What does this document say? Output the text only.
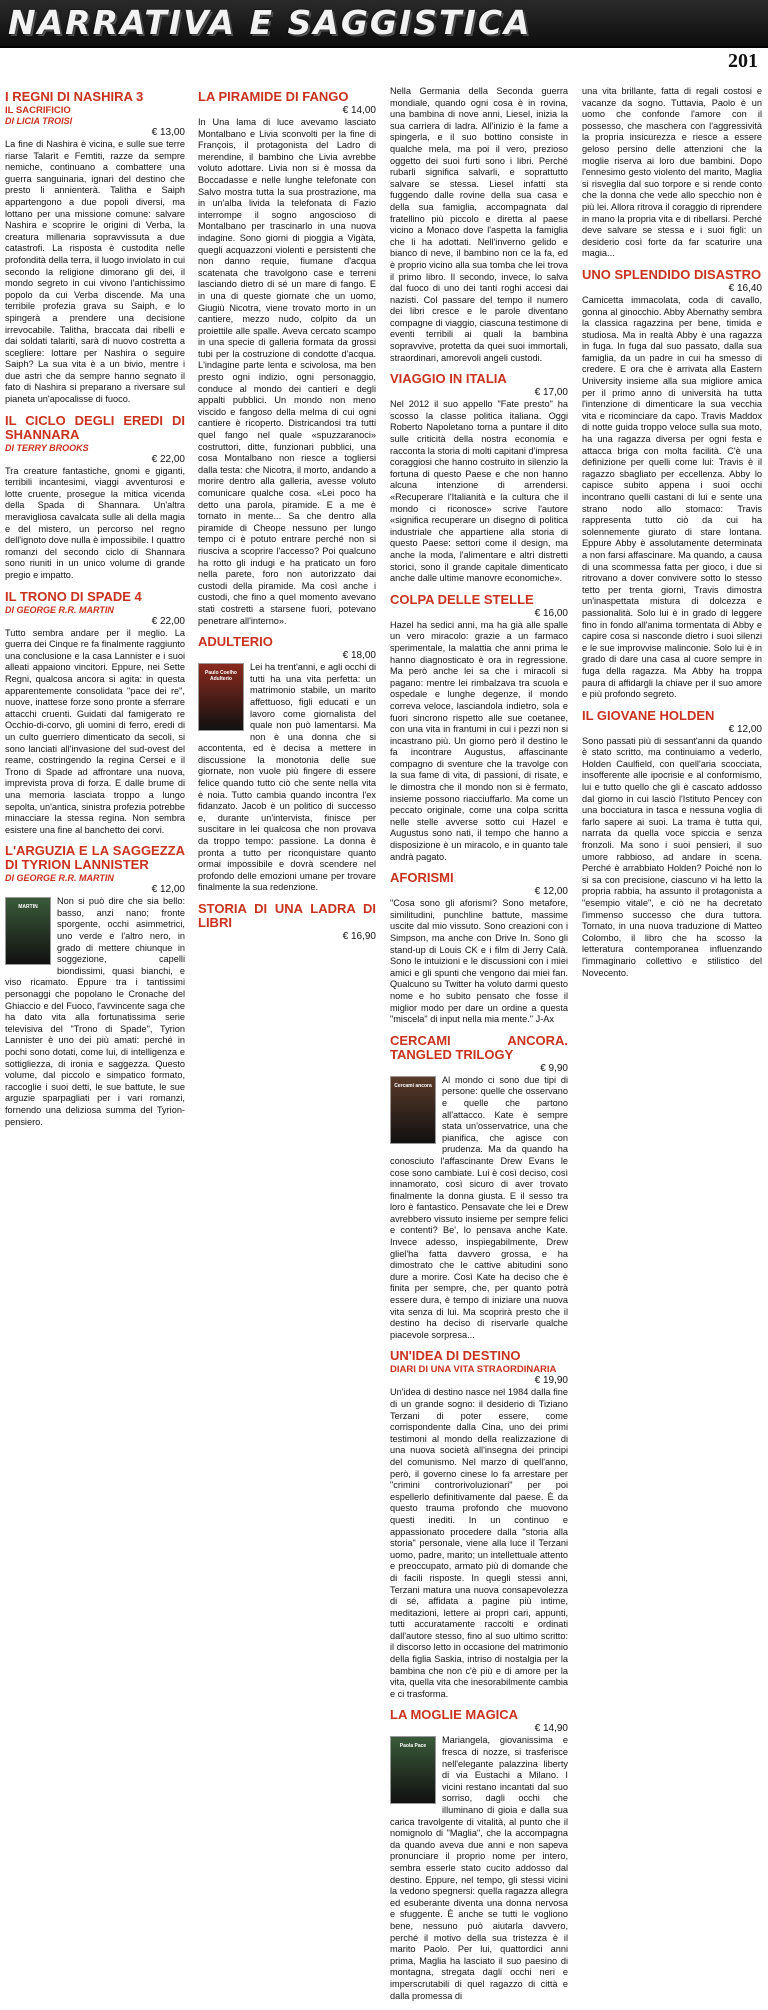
NARRATIVA E SAGGISTICA
201
I REGNI DI NASHIRA 3
IL SACRIFICIO
DI LICIA TROISI
€ 13,00

La fine di Nashira è vicina, e sulle sue terre riarse Talarìt e Femtiti, razze da sempre nemiche, continuano a combattere una guerra sanguinaria, ignari del destino che presto li annienterà. Talitha e Saiph appartengono a due popoli diversi, ma lottano per una missione comune: salvare Nashira e scoprire le origini di Verba, la creatura millenaria sopravvissuta a due catastrofi. La risposta è custodita nelle profondità della terra, il luogo inviolato in cui secondo la religione dimorano gli dei, il mondo segreto in cui vivono l'antichissimo popolo da cui Verba discende. Ma una terribile profezia grava su Saiph, e lo spingerà a prendere una decisione irrevocabile. Talitha, braccata dai ribelli e dai soldati talariti, sarà di nuovo costretta a scegliere: lottare per Nashira o seguire Saiph? La sua vita è a un bivio, mentre i due astri che da sempre hanno segnato il fato di Nashira si preparano a riversare sul pianeta un'apocalisse di fuoco.

IL CICLO DEGLI EREDI DI SHANNARA
DI TERRY BROOKS
€ 22,00

Tra creature fantastiche, gnomi e giganti, terribili incantesimi, viaggi avventurosi e lotte cruente, prosegue la mitica vicenda della Spada di Shannara. Un'altra meravigliosa cavalcata sulle ali della magia e del mistero, un percorso nel regno dell'ignoto dove nulla è impossibile. I quattro romanzi del secondo ciclo di Shannara sono riuniti in un unico volume di grande pregio e impatto.

IL TRONO DI SPADE 4
DI GEORGE R.R. MARTIN
€ 22,00

Tutto sembra andare per il meglio. La guerra dei Cinque re fa finalmente raggiunto una conclusione e la casa Lannister e i suoi alleati appaiono vincitori. Eppure, nei Sette Regni, qualcosa ancora si agita: in questa apparentemente consolidata "pace dei re", nuove, inattese forze sono pronte a sferrare attacchi cruenti. Guidati dal famigerato re Occhio-di-corvo, gli uomini di ferro, eredi di un culto guerriero dimenticato da secoli, si sono lanciati all'invasione del sud-ovest del reame, costringendo la regina Cersei e il Trono di Spade ad affrontare una nuova, imprevista prova di forza. E dalle brume di una memoria lasciata troppo a lungo sepolta, un'antica, sinistra profezia potrebbe minacciare la stessa regina. Non sembra esistere una fine al banchetto dei corvi.

L'ARGUZIA E LA SAGGEZZA DI TYRION LANNISTER
DI GEORGE R.R. MARTIN
€ 12,00

MARTIN
Non si può dire che sia bello: basso, anzi nano; fronte sporgente, occhi asimmetrici, uno verde e l'altro nero, in grado di mettere chiunque in soggezione, capelli biondissimi, quasi bianchi, e viso ricamato. Eppure tra i tantissimi personaggi che popolano le Cronache del Ghiaccio e del Fuoco, l'avvincente saga che ha dato vita alla fortunatissima serie televisiva del "Trono di Spade", Tyrion Lannister è uno dei più amati: perché in pochi sono dotati, come lui, di intelligenza e sottigliezza, di ironia e saggezza. Questo volume, dal piccolo e simpatico formato, raccoglie i suoi detti, le sue battute, le sue arguzie sparpagliati per i vari romanzi, fornendo una deliziosa summa del Tyrion-pensiero.

LA PIRAMIDE DI FANGO
€ 14,00

In Una lama di luce avevamo lasciato Montalbano e Livia sconvolti per la fine di François, il protagonista del Ladro di merendine, il bambino che Livia avrebbe voluto adottare. Livia non si è mossa da Boccadasse e nelle lunghe telefonate con Salvo mostra tutta la sua prostrazione, ma in un'alba livida la telefonata di Fazio interrompe il sogno angoscioso di Montalbano per trascinarlo in una nuova indagine. Sono giorni di pioggia a Vigàta, quegli acquazzoni violenti e persistenti che non danno requie, fiumane d'acqua scatenata che travolgono case e terreni lasciando dietro di sé un mare di fango. E in una di queste giornate che un uomo, Giugiù Nicotra, viene trovato morto in un cantiere, mezzo nudo, colpito da un proiettile alle spalle. Aveva cercato scampo in una specie di galleria formata da grossi tubi per la costruzione di condotte d'acqua. L'indagine parte lenta e scivolosa, ma ben presto ogni indizio, ogni personaggio, conduce al mondo dei cantieri e degli appalti pubblici. Un mondo non meno viscido e fangoso della melma di cui ogni cantiere è ricoperto. Districandosi tra tutti quel fango nel quale «spuzzaranoci» costruttori, ditte, funzionari pubblici, una cosa Montalbano non riesce a togliersi dalla testa: che Nicotra, il morto, andando a morire dentro alla galleria, avesse voluto comunicare qualche cosa. «Lei poco ha detto una parola, piramide. E a me è tornato in mente... Sa che dentro alla piramide di Cheope nessuno per lungo tempo ci è potuto entrare perché non si riusciva a scoprire l'accesso? Poi qualcuno ha rotto gli indugi e ha praticato un foro nella parete, foro non autorizzato dai custodi della piramide. Ma così anche i custodi, che fino a quel momento avevano stati costretti a starsene fuori, potevano penetrare all'interno».

ADULTERIO
€ 18,00

Paulo Coelho Adulterio
Lei ha trent'anni, e agli occhi di tutti ha una vita perfetta: un matrimonio stabile, un marito affettuoso, figli educati e un lavoro come giornalista del quale non può lamentarsi. Ma non è una donna che si accontenta, ed è decisa a mettere in discussione la monotonia delle sue giornate, non vuole più fingere di essere felice quando tutto ciò che sente nella vita è noia. Tutto cambia quando incontra l'ex fidanzato. Jacob è un politico di successo e, durante un'intervista, finisce per suscitare in lei qualcosa che non provava da troppo tempo: passione. La donna è pronta a tutto per riconquistare quanto ormai impossibile e dovrà scendere nel profondo delle emozioni umane per trovare finalmente la sua redenzione.

STORIA DI UNA LADRA DI LIBRI
€ 16,90

Nella Germania della Seconda guerra mondiale, quando ogni cosa è in rovina, una bambina di nove anni, Liesel, inizia la sua carriera di ladra. All'inizio è la fame a spingerla, e il suo bottino consiste in qualche mela, ma poi il vero, prezioso oggetto dei suoi furti sono i libri. Perché rubarli significa salvarli, e soprattutto salvare se stessa. Liesel infatti sta fuggendo dalle rovine della sua casa e della sua famiglia, accompagnata dal fratellino più piccolo e diretta al paese vicino a Monaco dove l'aspetta la famiglia che li ha adottati. Nell'inverno gelido e bianco di neve, il bambino non ce la fa, ed è proprio vicino alla sua tomba che lei trova il primo libro. Il secondo, invece, lo salva dal fuoco di uno dei tanti roghi accesi dai nazisti. Col passare del tempo il numero dei libri cresce e le parole diventano compagne di viaggio, ciascuna testimone di eventi terribili ai quali la bambina sopravvive, protetta da quei suoi immortali, straordinari, amorevoli angeli custodi.

VIAGGIO IN ITALIA
€ 17,00

Nel 2012 il suo appello "Fate presto" ha scosso la classe politica italiana. Oggi Roberto Napoletano torna a puntare il dito sulle criticità della nostra economia e racconta la storia di molti capitani d'impresa coraggiosi che hanno costruito in silenzio la fortuna di questo Paese e che non hanno alcuna intenzione di arrendersi. «Recuperare l'Italianità e la cultura che il mondo ci riconosce» scrive l'autore «significa recuperare un disegno di politica industriale che appartiene alla storia di questo Paese: settori come il design, ma anche la moda, l'alimentare e altri distretti storici, sono il grande capitale dimenticato anche dalle ultime manovre economiche».

COLPA DELLE STELLE
€ 16,00

Hazel ha sedici anni, ma ha già alle spalle un vero miracolo: grazie a un farmaco sperimentale, la malattia che anni prima le hanno diagnosticato è ora in regressione. Ma però anche lei sa che i miracoli si pagano: mentre lei rimbalzava tra scuola e ospedale e lunghe degenze, il mondo correva veloce, lasciandola indietro, sola e fuori sincrono rispetto alle sue coetanee, con una vita in frantumi in cui i pezzi non si incastrano più. Un giorno però il destino le fa incontrare Augustus, affascinante compagno di sventure che la travolge con la sua fame di vita, di passioni, di risate, e le dimostra che il mondo non si è fermato, insieme possono riacciuffarlo. Ma come un peccato originale, come una colpa scritta nelle stelle avverse sotto cui Hazel e Augustus sono nati, il tempo che hanno a disposizione è un miracolo, e in quanto tale andrà pagato.

AFORISMI
€ 12,00

"Cosa sono gli aforismi? Sono metafore, similitudini, punchline battute, massime uscite dal mio vissuto. Sono creazioni con i Simpson, ma anche con Drive In. Sono gli stand-up di Louis CK e i film di Jerry Calà. Sono le intuizioni e le discussioni con i miei amici e gli spunti che vengono dai miei fan. Qualcuno su Twitter ha voluto darmi questo nome e ho subito pensato che fosse il miglior modo per dare un ordine a questa "miscela" di input nella mia mente." J-Ax

CERCAMI ANCORA. TANGLED TRILOGY
€ 9,90

Cercami ancora
Al mondo ci sono due tipi di persone: quelle che osservano e quelle che partono all'attacco. Kate è sempre stata un'osservatrice, una che pianifica, che agisce con prudenza. Ma da quando ha conosciuto l'affascinante Drew Evans le cose sono cambiate. Lui è così deciso, così innamorato, così sicuro di aver trovato finalmente la donna giusta. E il sesso tra loro è fantastico. Pensavate che lei e Drew avrebbero vissuto insieme per sempre felici e contenti? Be', lo pensava anche Kate. Invece adesso, inspiegabilmente, Drew gliel'ha fatta davvero grossa, e ha dimostrato che le cattive abitudini sono dure a morire. Così Kate ha deciso che è finita per sempre, che, per quanto potrà essere dura, è tempo di iniziare una nuova vita senza di lui. Ma scoprirà presto che il destino ha deciso di riservarle qualche piacevole sorpresa...

UN'IDEA DI DESTINO
DIARI DI UNA VITA STRAORDINARIA
€ 19,90

Un'idea di destino nasce nel 1984 dalla fine di un grande sogno: il desiderio di Tiziano Terzani di poter essere, come corrispondente dalla Cina, uno dei primi testimoni al mondo della realizzazione di una nuova società all'insegna dei principi del comunismo. Nel marzo di quell'anno, però, il governo cinese lo fa arrestare per "crimini controrivoluzionari" per poi espellerlo definitivamente dal paese. È da questo trauma profondo che muovono questi inediti. In un continuo e appassionato procedere dalla "storia alla storia" personale, viene alla luce il Terzani uomo, padre, marito; un intellettuale attento e preoccupato, armato più di domande che di facili risposte. In quegli stessi anni, Terzani matura una nuova consapevolezza di sé, affidata a pagine più intime, meditazioni, lettere ai propri cari, appunti, tutti accuratamente raccolti e ordinati dall'autore stesso, fino al suo ultimo scritto: il discorso letto in occasione del matrimonio della figlia Saskia, intriso di nostalgia per la bambina che non c'è più e di amore per la vita, quella vita che inesorabilmente cambia e ci trasforma.

LA MOGLIE MAGICA
€ 14,90

Paola Pace
Mariangela, giovanissima e fresca di nozze, si trasferisce nell'elegante palazzina liberty di via Eustachi a Milano. I vicini restano incantati dal suo sorriso, dagli occhi che illuminano di gioia e dalla sua carica travolgente di vitalità, al punto che il nomignolo di "Maglia", che la accompagna da quando aveva due anni e non sapeva pronunciare il proprio nome per intero, sembra esserle stato cucito addosso dal destino. Eppure, nel tempo, gli stessi vicini la vedono spegnersi: quella ragazza allegra ed esuberante diventa una donna nervosa e sfuggente. È anche se tutti le vogliono bene, nessuno può aiutarla davvero, perché il motivo della sua tristezza è il marito Paolo. Per lui, quattordici anni prima, Maglia ha lasciato il suo paesino di montagna, stregata dagli occhi neri e imperscrutabili di quel ragazzo di città e dalla promessa di

una vita brillante, fatta di regali costosi e vacanze da sogno. Tuttavia, Paolo è un uomo che confonde l'amore con il possesso, che maschera con l'aggressività la propria insicurezza e riesce a essere geloso persino delle attenzioni che la moglie riserva ai loro due bambini. Dopo l'ennesimo gesto violento del marito, Maglia si risveglia dal suo torpore e si rende conto che la donna che vede allo specchio non è più lei. Allora ritrova il coraggio di riprendere in mano la propria vita e di ribellarsi. Perché deve salvare se stessa e i suoi figli: un desiderio così forte da far scaturire una magia...

UNO SPLENDIDO DISASTRO
€ 16,40

Camicetta immacolata, coda di cavallo, gonna al ginocchio. Abby Abernathy sembra la classica ragazzina per bene, timida e studiosa. Ma in realtà Abby è una ragazza in fuga. In fuga dal suo passato, dalla sua famiglia, da un padre in cui ha smesso di credere. E ora che è arrivata alla Eastern University insieme alla sua migliore amica per il primo anno di università ha tutta l'intenzione di dimenticare la sua vecchia vita e ricominciare da capo. Travis Maddox di notte guida troppo veloce sulla sua moto, ha una ragazza diversa per ogni festa e attacca briga con molta facilità. C'è una definizione per quelli come lui: Travis è il ragazzo sbagliato per eccellenza. Abby lo capisce subito appena i suoi occhi incontrano quelli castani di lui e sente una strano nodo allo stomaco: Travis rappresenta tutto ciò da cui ha solennemente giurato di stare lontana. Eppure Abby è assolutamente determinata a non farsi affascinare. Ma quando, a causa di una scommessa fatta per gioco, i due si ritrovano a dover convivere sotto lo stesso tetto per trenta giorni, Travis dimostra un'inaspettata mistura di dolcezza e passionalità. Solo lui è in grado di leggere fino in fondo all'anima tormentata di Abby e capire cosa si nasconde dietro i suoi silenzi e le sue improvvise malinconie. Solo lui è in grado di dare una casa al cuore sempre in fuga della ragazza. Ma Abby ha troppa paura di affidargli la chiave per il suo amore e più profondo segreto.

IL GIOVANE HOLDEN
€ 12,00

Sono passati più di sessant'anni da quando è stato scritto, ma continuiamo a vederlo, Holden Caulfield, con quell'aria scocciata, insofferente alle ipocrisie e al conformismo, lui e tutto quello che gli è cascato addosso dal giorno in cui lasciò l'Istituto Pencey con una bocciatura in tasca e nessuna voglia di farlo sapere ai suoi. La trama è tutta qui, narrata da quella voce spiccia e senza fronzoli. Ma sono i suoi pensieri, il suo umore rabbioso, ad andare in scena. Perché è arrabbiato Holden? Poiché non lo si sa con precisione, ciascuno vi ha letto la propria rabbia, ha assunto il protagonista a "esempio vitale", e ciò ne ha decretato l'immenso successo che dura tuttora. Tornato, in una nuova traduzione di Matteo Colombo, il libro che ha scosso la letteratura contemporanea influenzando l'immaginario collettivo e stilistico del Novecento.
